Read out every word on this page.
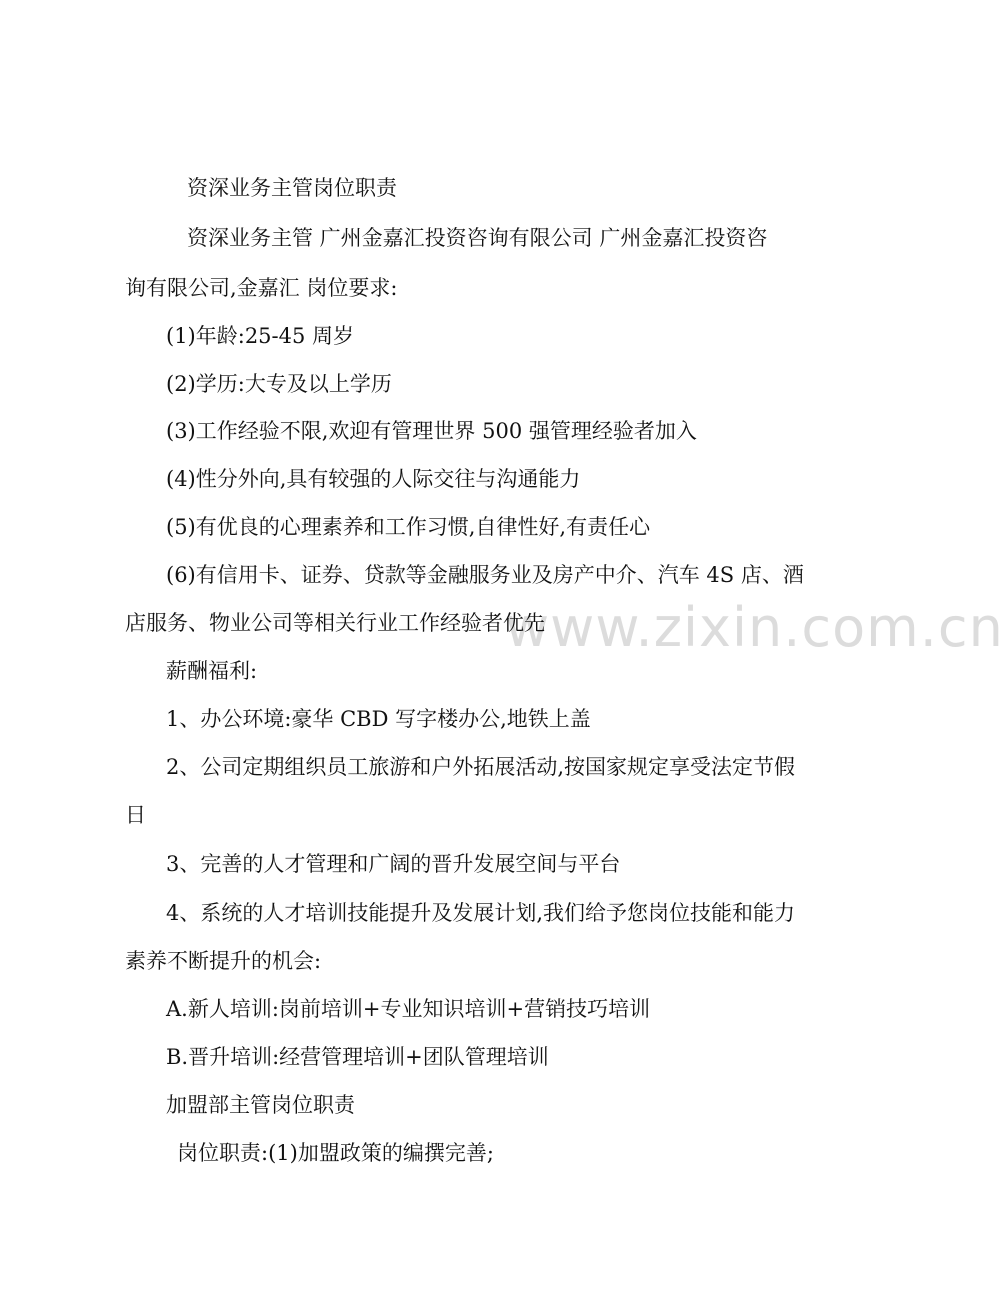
www.zixin.com.cn
资深业务主管岗位职责
资深业务主管 广州金嘉汇投资咨询有限公司 广州金嘉汇投资咨
询有限公司,金嘉汇 岗位要求:
(1)年龄:25-45 周岁
(2)学历:大专及以上学历
(3)工作经验不限,欢迎有管理世界 500 强管理经验者加入
(4)性分外向,具有较强的人际交往与沟通能力
(5)有优良的心理素养和工作习惯,自律性好,有责任心
(6)有信用卡、证券、贷款等金融服务业及房产中介、汽车 4S 店、酒
店服务、物业公司等相关行业工作经验者优先
薪酬福利:
1、办公环境:豪华 CBD 写字楼办公,地铁上盖
2、公司定期组织员工旅游和户外拓展活动,按国家规定享受法定节假
日
3、完善的人才管理和广阔的晋升发展空间与平台
4、系统的人才培训技能提升及发展计划,我们给予您岗位技能和能力
素养不断提升的机会:
A.新人培训:岗前培训+专业知识培训+营销技巧培训
B.晋升培训:经营管理培训+团队管理培训
加盟部主管岗位职责
岗位职责:(1)加盟政策的编撰完善;
